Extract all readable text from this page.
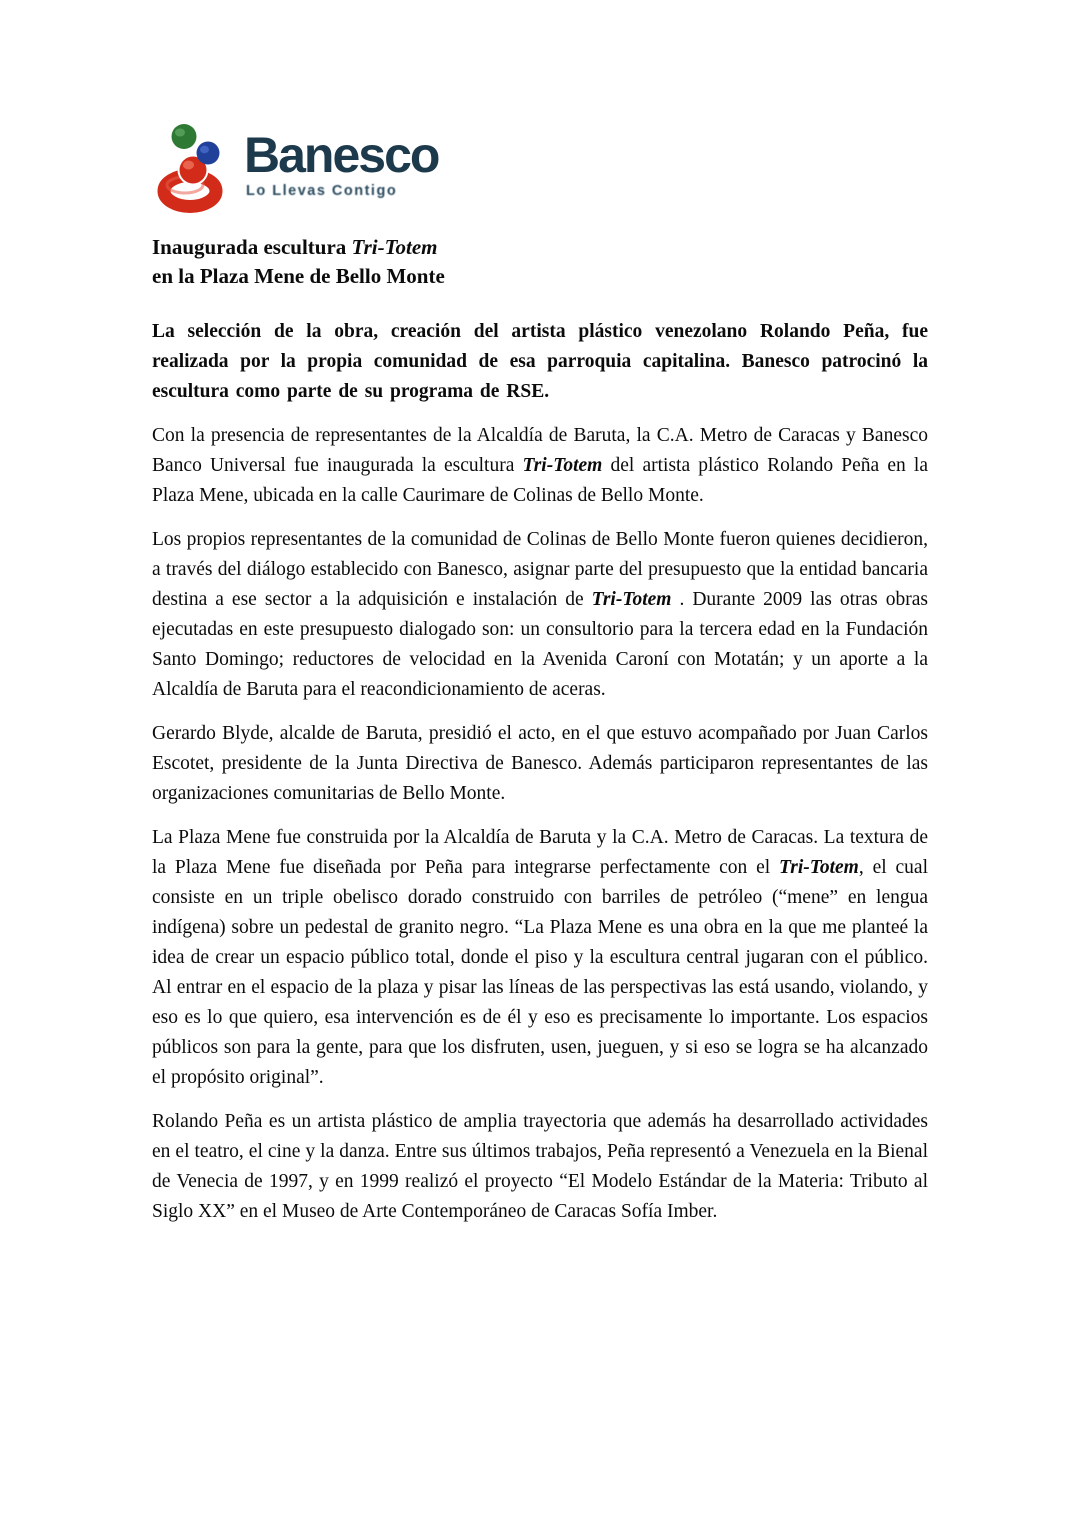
Banesco
Lo Llevas Contigo
Inaugurada escultura Tri-Totem
en la Plaza Mene de Bello Monte

La selección de la obra, creación del artista plástico venezolano Rolando Peña, fue realizada por la propia comunidad de esa parroquia capitalina. Banesco patrocinó la escultura como parte de su programa de RSE.

Con la presencia de representantes de la Alcaldía de Baruta, la C.A. Metro de Caracas y Banesco Banco Universal fue inaugurada la escultura Tri-Totem del artista plástico Rolando Peña en la Plaza Mene, ubicada en la calle Caurimare de Colinas de Bello Monte.

Los propios representantes de la comunidad de Colinas de Bello Monte fueron quienes decidieron, a través del diálogo establecido con Banesco, asignar parte del presupuesto que la entidad bancaria destina a ese sector a la adquisición e instalación de Tri-Totem . Durante 2009 las otras obras ejecutadas en este presupuesto dialogado son: un consultorio para la tercera edad en la Fundación Santo Domingo; reductores de velocidad en la Avenida Caroní con Motatán; y un aporte a la Alcaldía de Baruta para el reacondicionamiento de aceras.

Gerardo Blyde, alcalde de Baruta, presidió el acto, en el que estuvo acompañado por Juan Carlos Escotet, presidente de la Junta Directiva de Banesco. Además participaron representantes de las organizaciones comunitarias de Bello Monte.

La Plaza Mene fue construida por la Alcaldía de Baruta y la C.A. Metro de Caracas. La textura de la Plaza Mene fue diseñada por Peña para integrarse perfectamente con el Tri-Totem, el cual consiste en un triple obelisco dorado construido con barriles de petróleo (“mene” en lengua indígena) sobre un pedestal de granito negro. “La Plaza Mene es una obra en la que me planteé la idea de crear un espacio público total, donde el piso y la escultura central jugaran con el público. Al entrar en el espacio de la plaza y pisar las líneas de las perspectivas las está usando, violando, y eso es lo que quiero, esa intervención es de él y eso es precisamente lo importante. Los espacios públicos son para la gente, para que los disfruten, usen, jueguen, y si eso se logra se ha alcanzado el propósito original”.

Rolando Peña es un artista plástico de amplia trayectoria que además ha desarrollado actividades en el teatro, el cine y la danza. Entre sus últimos trabajos, Peña representó a Venezuela en la Bienal de Venecia de 1997, y en 1999 realizó el proyecto “El Modelo Estándar de la Materia: Tributo al Siglo XX” en el Museo de Arte Contemporáneo de Caracas Sofía Imber.
